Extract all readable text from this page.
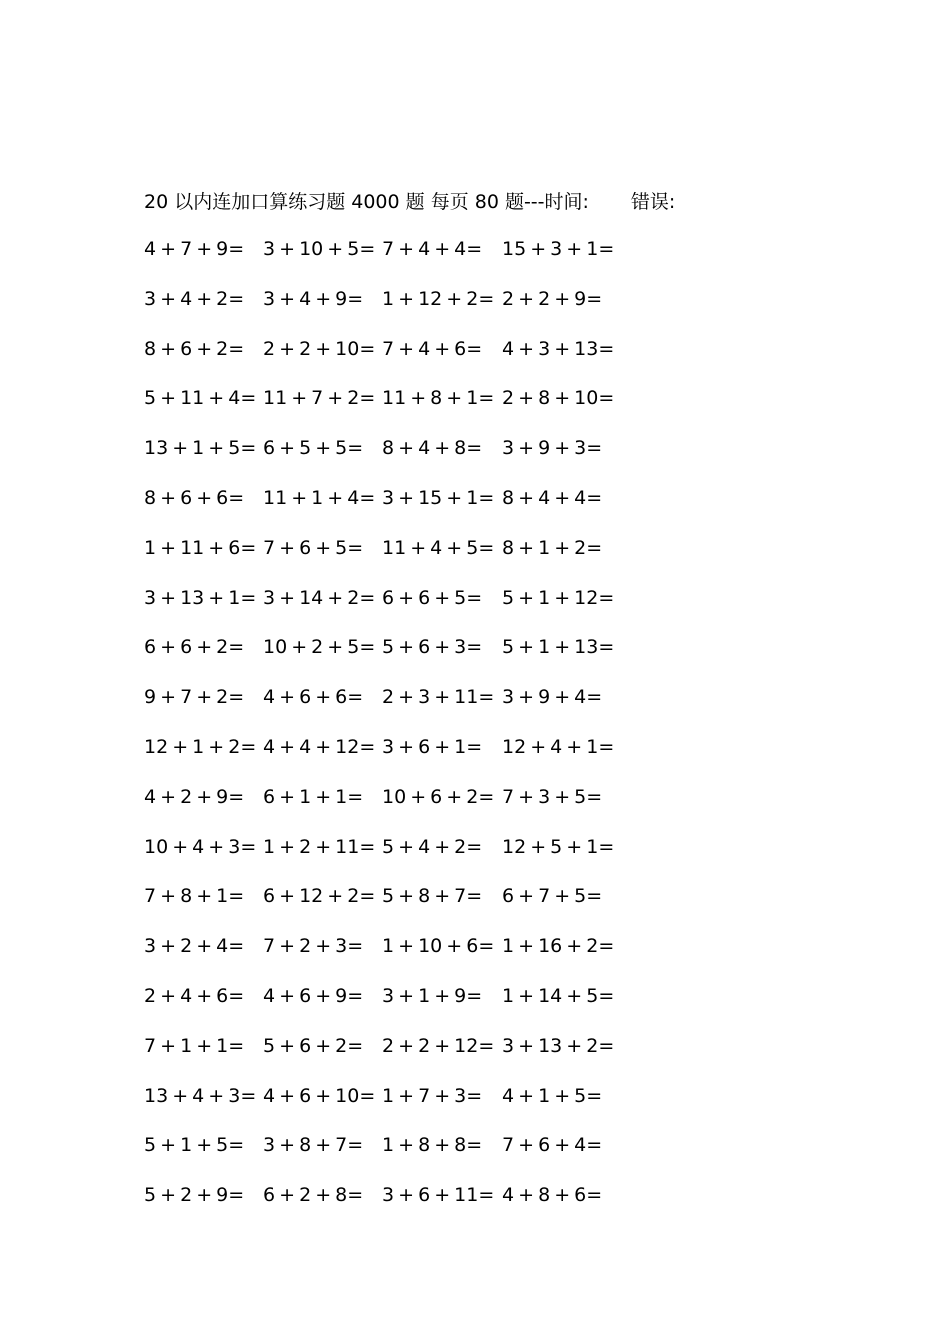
20 以内连加口算练习题 4000 题 每页 80 题---时间: 错误:
4 + 7 + 9= 3 + 10 + 5= 7 + 4 + 4= 15 + 3 + 1=
3 + 4 + 2= 3 + 4 + 9= 1 + 12 + 2= 2 + 2 + 9=
8 + 6 + 2= 2 + 2 + 10= 7 + 4 + 6= 4 + 3 + 13=
5 + 11 + 4= 11 + 7 + 2= 11 + 8 + 1= 2 + 8 + 10=
13 + 1 + 5= 6 + 5 + 5= 8 + 4 + 8= 3 + 9 + 3=
8 + 6 + 6= 11 + 1 + 4= 3 + 15 + 1= 8 + 4 + 4=
1 + 11 + 6= 7 + 6 + 5= 11 + 4 + 5= 8 + 1 + 2=
3 + 13 + 1= 3 + 14 + 2= 6 + 6 + 5= 5 + 1 + 12=
6 + 6 + 2= 10 + 2 + 5= 5 + 6 + 3= 5 + 1 + 13=
9 + 7 + 2= 4 + 6 + 6= 2 + 3 + 11= 3 + 9 + 4=
12 + 1 + 2= 4 + 4 + 12= 3 + 6 + 1= 12 + 4 + 1=
4 + 2 + 9= 6 + 1 + 1= 10 + 6 + 2= 7 + 3 + 5=
10 + 4 + 3= 1 + 2 + 11= 5 + 4 + 2= 12 + 5 + 1=
7 + 8 + 1= 6 + 12 + 2= 5 + 8 + 7= 6 + 7 + 5=
3 + 2 + 4= 7 + 2 + 3= 1 + 10 + 6= 1 + 16 + 2=
2 + 4 + 6= 4 + 6 + 9= 3 + 1 + 9= 1 + 14 + 5=
7 + 1 + 1= 5 + 6 + 2= 2 + 2 + 12= 3 + 13 + 2=
13 + 4 + 3= 4 + 6 + 10= 1 + 7 + 3= 4 + 1 + 5=
5 + 1 + 5= 3 + 8 + 7= 1 + 8 + 8= 7 + 6 + 4=
5 + 2 + 9= 6 + 2 + 8= 3 + 6 + 11= 4 + 8 + 6=
